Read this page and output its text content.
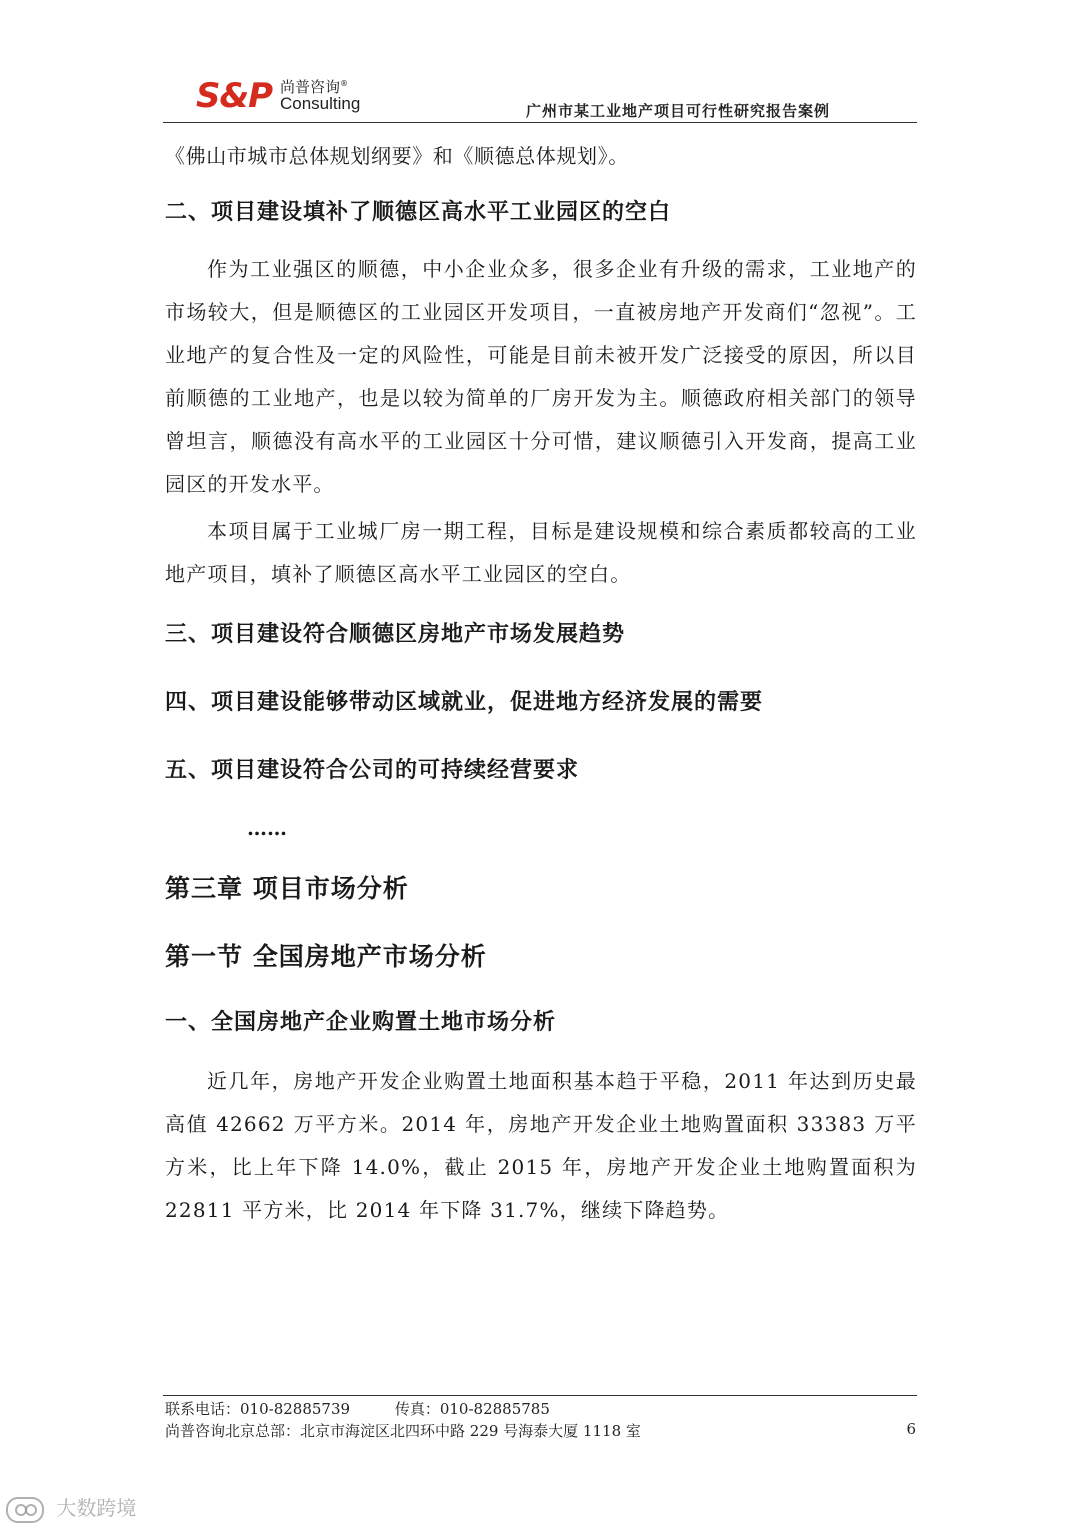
S&P 尚普咨询®
Consulting	广州市某工业地产项目可行性研究报告案例

《佛山市城市总体规划纲要》和《顺德总体规划》。

二、项目建设填补了顺德区高水平工业园区的空白

作为工业强区的顺德，中小企业众多，很多企业有升级的需求，工业地产的市场较大，但是顺德区的工业园区开发项目，一直被房地产开发商们“忽视”。工业地产的复合性及一定的风险性，可能是目前未被开发广泛接受的原因，所以目前顺德的工业地产，也是以较为简单的厂房开发为主。顺德政府相关部门的领导曾坦言，顺德没有高水平的工业园区十分可惜，建议顺德引入开发商，提高工业园区的开发水平。

本项目属于工业城厂房一期工程，目标是建设规模和综合素质都较高的工业地产项目，填补了顺德区高水平工业园区的空白。

三、项目建设符合顺德区房地产市场发展趋势
四、项目建设能够带动区域就业，促进地方经济发展的需要
五、项目建设符合公司的可持续经营要求

……

第三章 项目市场分析
第一节 全国房地产市场分析
一、全国房地产企业购置土地市场分析

近几年，房地产开发企业购置土地面积基本趋于平稳，2011 年达到历史最高值 42662 万平方米。2014 年，房地产开发企业土地购置面积 33383 万平方米，比上年下降 14.0%，截止 2015 年，房地产开发企业土地购置面积为 22811 平方米，比 2014 年下降 31.7%，继续下降趋势。

联系电话：010-82885739	传真：010-82885785
尚普咨询北京总部：北京市海淀区北四环中路 229 号海泰大厦 1118 室	6
大数跨境
